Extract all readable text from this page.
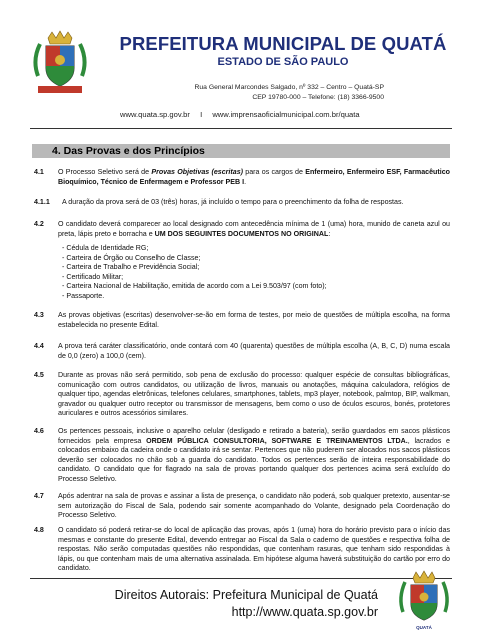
PREFEITURA MUNICIPAL DE QUATÁ
ESTADO DE SÃO PAULO
Rua General Marcondes Salgado, nº 332 – Centro – Quatá-SP
CEP 19780-000 – Telefone: (18) 3366-9500
www.quata.sp.gov.br I www.imprensaoficialmunicipal.com.br/quata
4. Das Provas e dos Princípios
4.1 O Processo Seletivo será de Provas Objetivas (escritas) para os cargos de Enfermeiro, Enfermeiro ESF, Farmacêutico Bioquímico, Técnico de Enfermagem e Professor PEB I.
4.1.1 A duração da prova será de 03 (três) horas, já incluído o tempo para o preenchimento da folha de respostas.
4.2 O candidato deverá comparecer ao local designado com antecedência mínima de 1 (uma) hora, munido de caneta azul ou preta, lápis preto e borracha e UM DOS SEGUINTES DOCUMENTOS NO ORIGINAL:
- Cédula de Identidade RG;
- Carteira de Órgão ou Conselho de Classe;
- Carteira de Trabalho e Previdência Social;
- Certificado Militar;
- Carteira Nacional de Habilitação, emitida de acordo com a Lei 9.503/97 (com foto);
- Passaporte.
4.3 As provas objetivas (escritas) desenvolver-se-ão em forma de testes, por meio de questões de múltipla escolha, na forma estabelecida no presente Edital.
4.4 A prova terá caráter classificatório, onde contará com 40 (quarenta) questões de múltipla escolha (A, B, C, D) numa escala de 0,0 (zero) a 100,0 (cem).
4.5 Durante as provas não será permitido, sob pena de exclusão do processo: qualquer espécie de consultas bibliográficas, comunicação com outros candidatos, ou utilização de livros, manuais ou anotações, máquina calculadora, relógios de qualquer tipo, agendas eletrônicas, telefones celulares, smartphones, tablets, mp3 player, notebook, palmtop, BIP, walkman, gravador ou qualquer outro receptor ou transmissor de mensagens, bem como o uso de óculos escuros, bonés, protetores auriculares e outros acessórios similares.
4.6 Os pertences pessoais, inclusive o aparelho celular (desligado e retirado a bateria), serão guardados em sacos plásticos fornecidos pela empresa ORDEM PÚBLICA CONSULTORIA, SOFTWARE E TREINAMENTOS LTDA., lacrados e colocados embaixo da cadeira onde o candidato irá se sentar. Pertences que não puderem ser alocados nos sacos plásticos deverão ser colocados no chão sob a guarda do candidato. Todos os pertences serão de inteira responsabilidade do candidato. O candidato que for flagrado na sala de provas portando qualquer dos pertences acima será excluído do Processo Seletivo.
4.7 Após adentrar na sala de provas e assinar a lista de presença, o candidato não poderá, sob qualquer pretexto, ausentar-se sem autorização do Fiscal de Sala, podendo sair somente acompanhado do Volante, designado pela Coordenação do Processo Seletivo.
4.8 O candidato só poderá retirar-se do local de aplicação das provas, após 1 (uma) hora do horário previsto para o início das mesmas e constante do presente Edital, devendo entregar ao Fiscal da Sala o caderno de questões e respectiva folha de respostas. Não serão computadas questões não respondidas, que contenham rasuras, que tenham sido respondidas à lápis, ou que contenham mais de uma alternativa assinalada. Em hipótese alguma haverá substituição do cartão por erro do candidato.
Direitos Autorais: Prefeitura Municipal de Quatá
http://www.quata.sp.gov.br
QUATÁ
